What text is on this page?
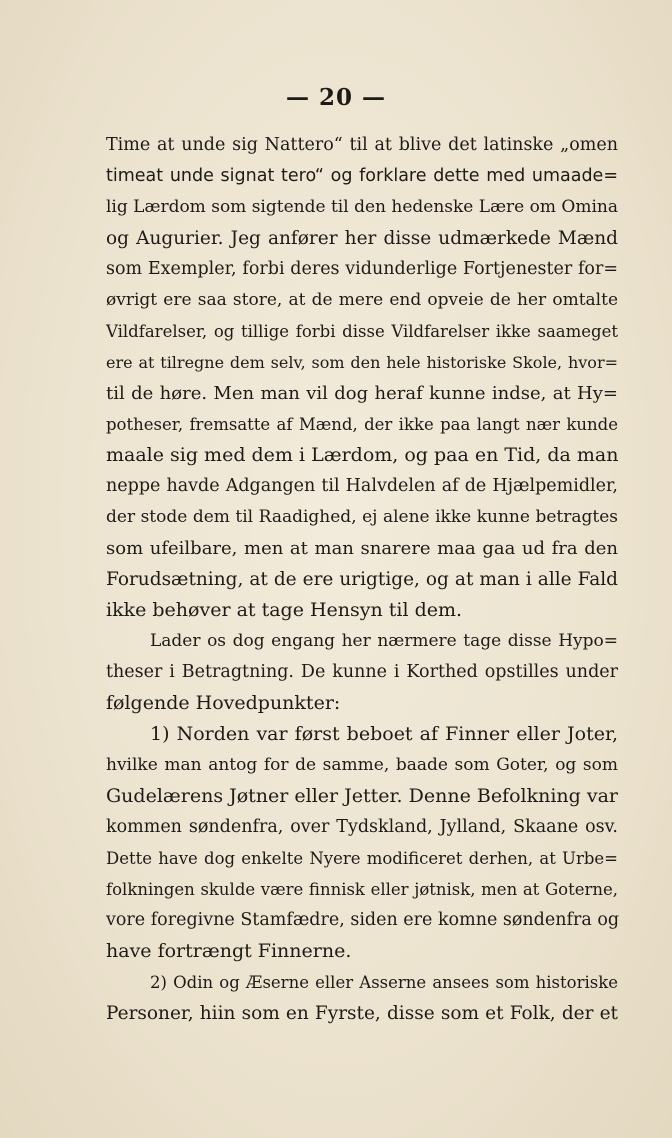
— 20 —
Time at unde sig Nattero“ til at blive det latinske „omen
timeat unde signat tero“ og forklare dette med umaade=
lig Lærdom som sigtende til den hedenske Lære om Omina
og Augurier. Jeg anfører her disse udmærkede Mænd
som Exempler, forbi deres vidunderlige Fortjenester for=
øvrigt ere saa store, at de mere end opveie de her omtalte
Vildfarelser, og tillige forbi disse Vildfarelser ikke saameget
ere at tilregne dem selv, som den hele historiske Skole, hvor=
til de høre. Men man vil dog heraf kunne indse, at Hy=
potheser, fremsatte af Mænd, der ikke paa langt nær kunde
maale sig med dem i Lærdom, og paa en Tid, da man
neppe havde Adgangen til Halvdelen af de Hjælpemidler,
der stode dem til Raadighed, ej alene ikke kunne betragtes
som ufeilbare, men at man snarere maa gaa ud fra den
Forudsætning, at de ere urigtige, og at man i alle Fald
ikke behøver at tage Hensyn til dem.
Lader os dog engang her nærmere tage disse Hypo=
theser i Betragtning. De kunne i Korthed opstilles under
følgende Hovedpunkter:
1) Norden var først beboet af Finner eller Joter,
hvilke man antog for de samme, baade som Goter, og som
Gudelærens Jøtner eller Jetter. Denne Befolkning var
kommen søndenfra, over Tydskland, Jylland, Skaane osv.
Dette have dog enkelte Nyere modificeret derhen, at Urbe=
folkningen skulde være finnisk eller jøtnisk, men at Goterne,
vore foregivne Stamfædre, siden ere komne søndenfra og
have fortrængt Finnerne.
2) Odin og Æserne eller Asserne ansees som historiske
Personer, hiin som en Fyrste, disse som et Folk, der et
